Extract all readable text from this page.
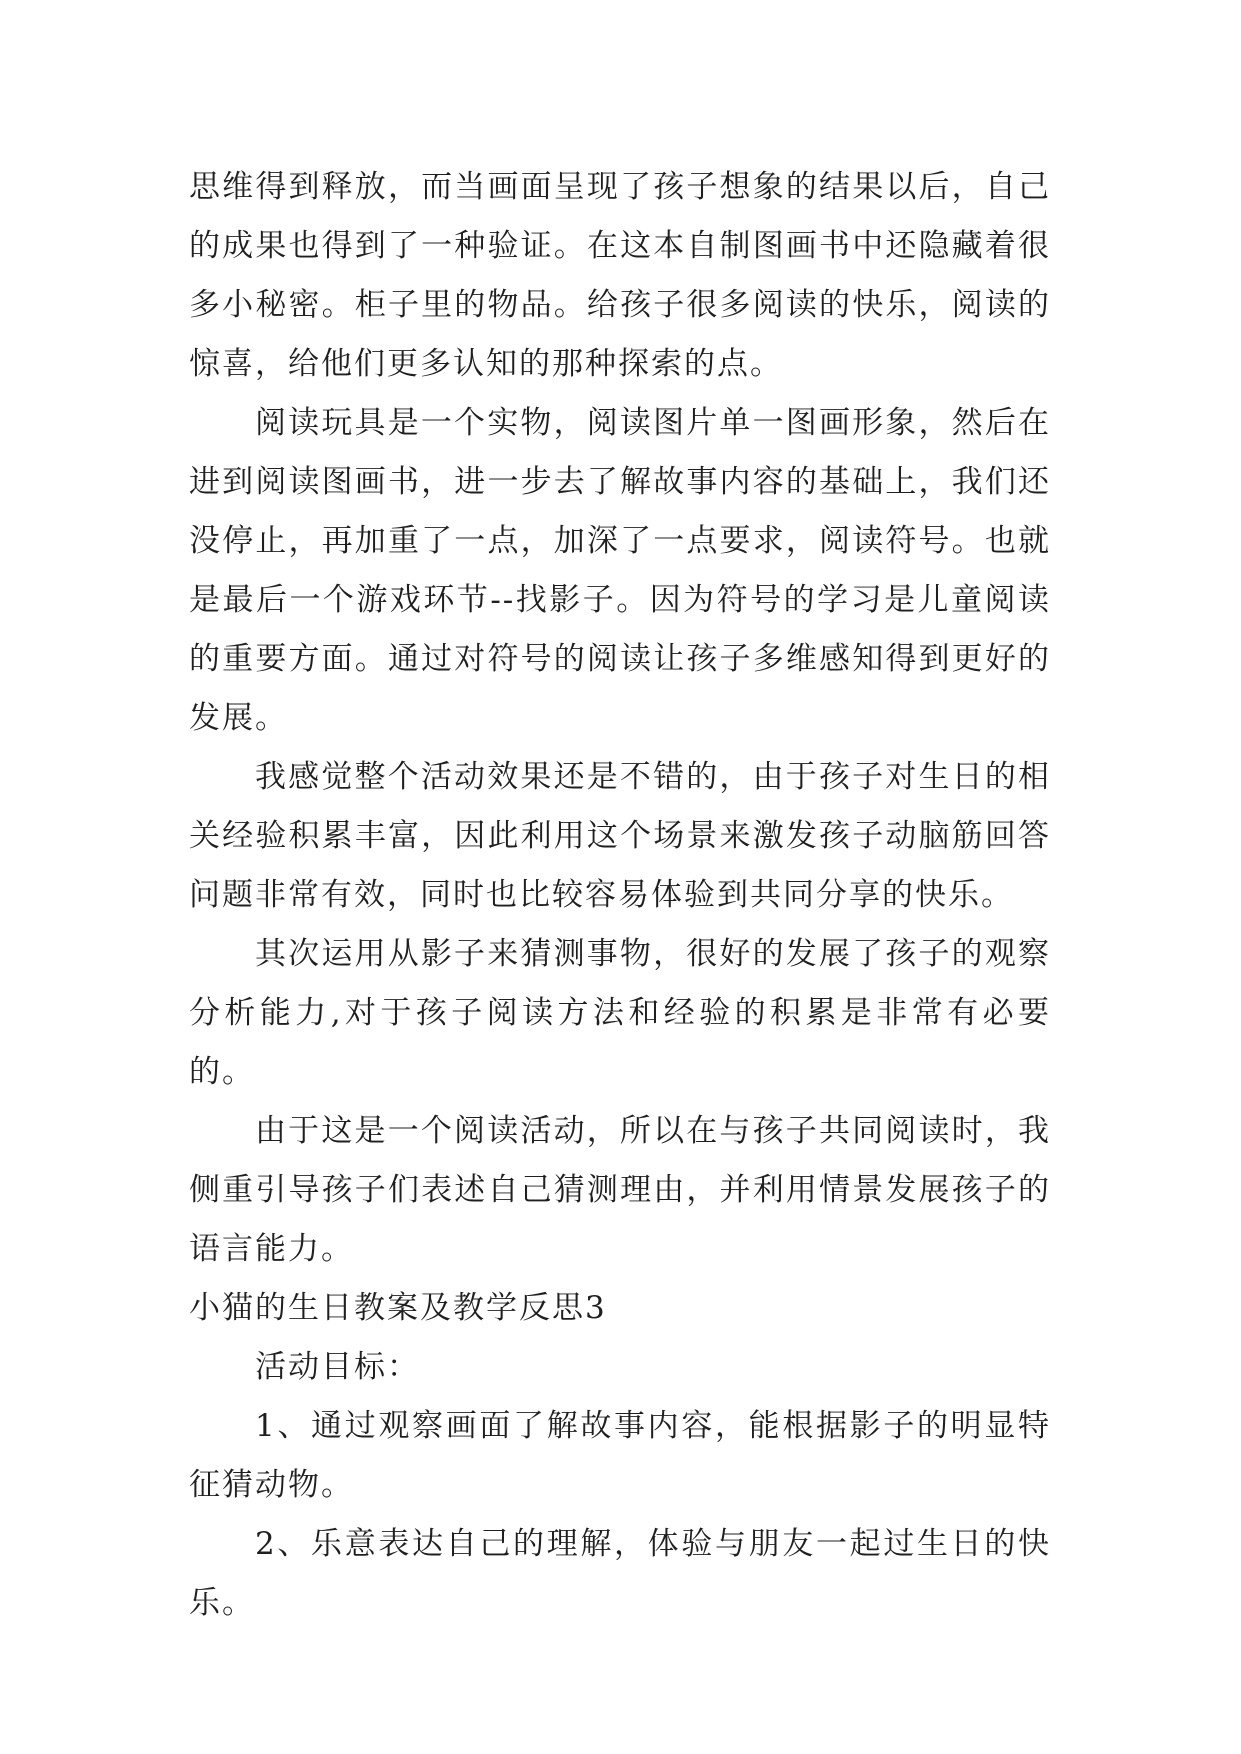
思维得到释放，而当画面呈现了孩子想象的结果以后，自己的成果也得到了一种验证。在这本自制图画书中还隐藏着很多小秘密。柜子里的物品。给孩子很多阅读的快乐，阅读的惊喜，给他们更多认知的那种探索的点。

阅读玩具是一个实物，阅读图片单一图画形象，然后在进到阅读图画书，进一步去了解故事内容的基础上，我们还没停止，再加重了一点，加深了一点要求，阅读符号。也就是最后一个游戏环节--找影子。因为符号的学习是儿童阅读的重要方面。通过对符号的阅读让孩子多维感知得到更好的发展。

我感觉整个活动效果还是不错的，由于孩子对生日的相关经验积累丰富，因此利用这个场景来激发孩子动脑筋回答问题非常有效，同时也比较容易体验到共同分享的快乐。

其次运用从影子来猜测事物，很好的发展了孩子的观察分析能力,对于孩子阅读方法和经验的积累是非常有必要的。

由于这是一个阅读活动，所以在与孩子共同阅读时，我侧重引导孩子们表述自己猜测理由，并利用情景发展孩子的语言能力。

小猫的生日教案及教学反思3

活动目标：

1、通过观察画面了解故事内容，能根据影子的明显特征猜动物。

2、乐意表达自己的理解，体验与朋友一起过生日的快乐。
